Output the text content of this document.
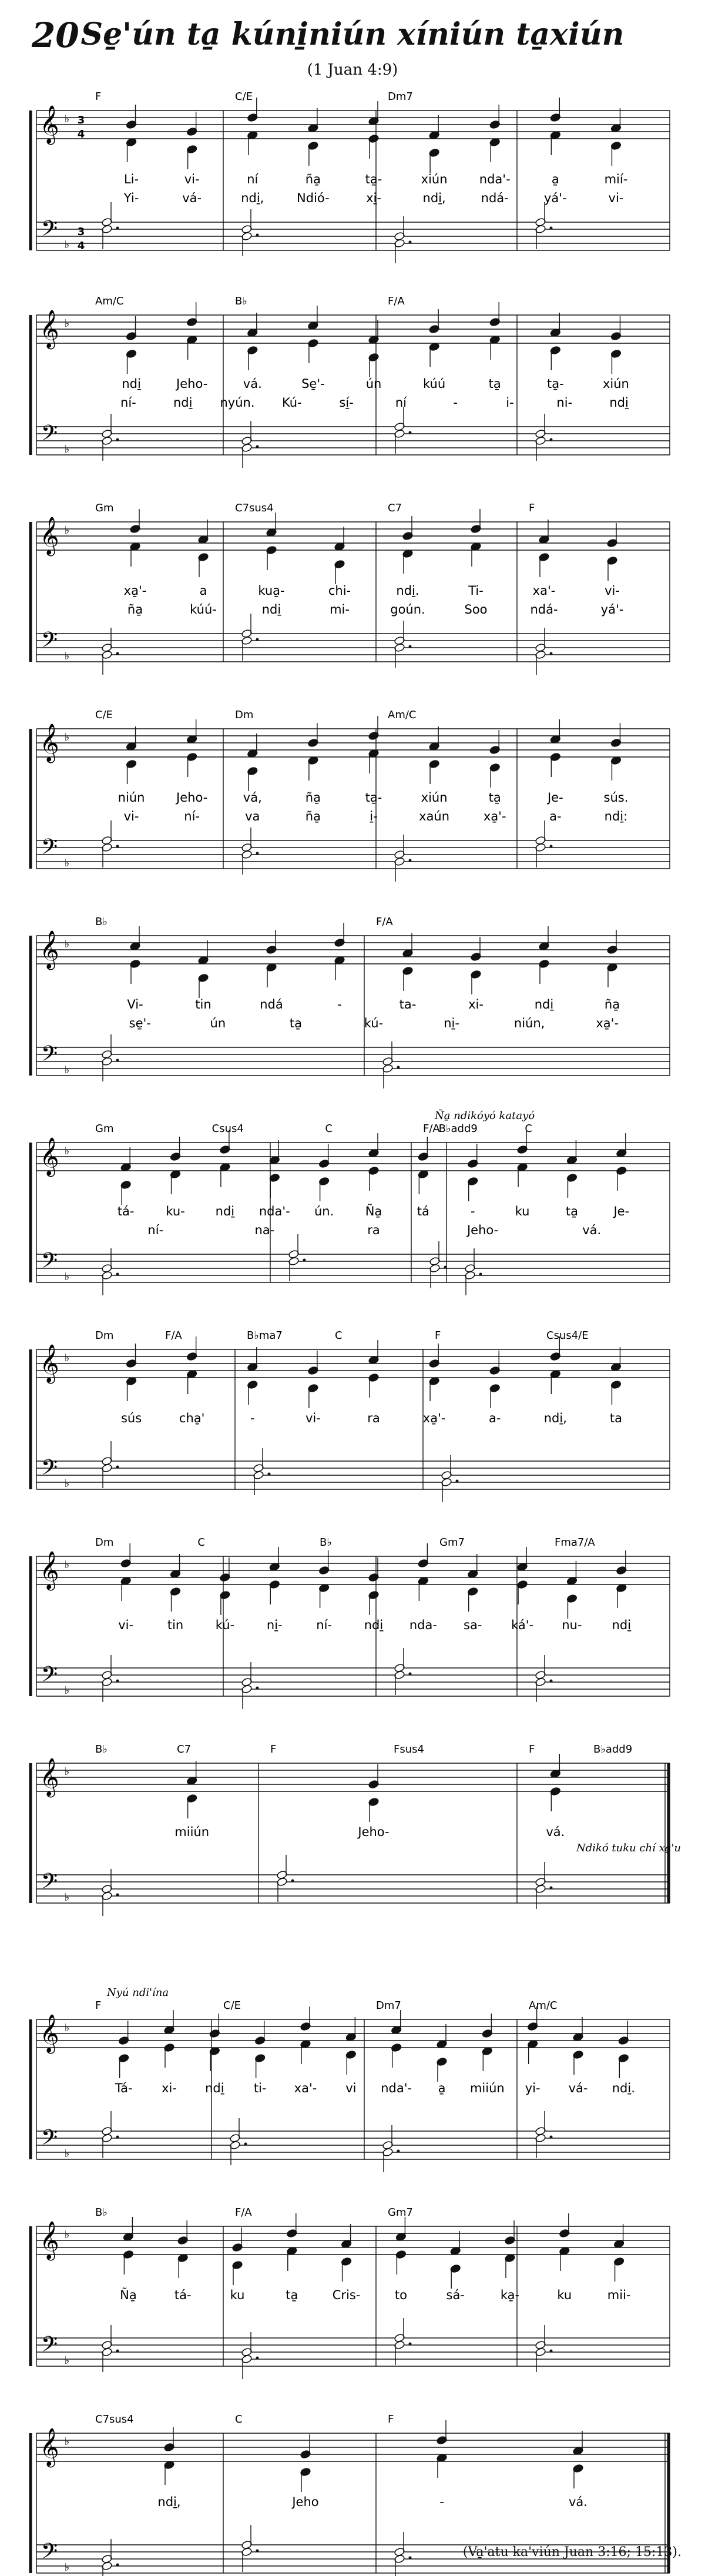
20 Se̱'ún ta̱ kúni̱niún xíniún ta̱xiún
(1 Juan 4:9)
𝄞
𝄢
♭
♭
3
4
3
4
F	C/E	Dm7
Li-	vi-	ní	ña̱	ta̱-	xiún	nda'-	a̱	mií-
Yi-	vá-	ndi̱,	Ndió-	xi̱-	ndi̱,	ndá-	yá'-	vi-
𝄞
𝄢
♭
♭
Am/C	B♭	F/A
ndi̱	Jeho-	vá.	Se̱'-	ún	kúú	ta̱	ta̱-	xiún
ní-	ndi̱ nyún. Kú-	sí̱-	ní	-	i-	ni-	ndi̱
𝄞
𝄢
♭
♭
Gm	C7sus4	C7	F
xa̱'-	a	kua̱-	chi-	ndi̱.	Ti-	xa'-	vi-
ña̱	kúú-	ndi̱	mi-	goún.	Soo	ndá-	yá'-
𝄞
𝄢
♭
♭
C/E	Dm	Am/C
niún	Jeho-	vá,	ña̱	ta̱-	xiún	ta̱	Je-	sús.
vi-	ní-	va	ña̱	i̱-	xaún	xa̱'-	a-	ndi̱:
𝄞
𝄢
♭
♭
B♭	F/A
Vi-	tin	ndá	-	ta-	xi-	ndi̱	ña̱
se̱'-	ún	ta̱	kú-	ni̱-	niún,	xa̱'-
𝄞
𝄢
♭
♭
Gm	Csus4	C	F/A
B♭add9	C
Ña̱ ndikóyó katayó
tá-	ku- ndi̱ nda'- ún.	Ña̱	tá	-	ku	ta̱	Je-
ní-	na-	ra	Jeho-	vá.
𝄞
𝄢
♭
♭
Dm	F/A	B♭ma7	C	F	Csus4/E
sús	cha̱'	-	vi-	ra	xa̱'-	a-	ndi̱,	ta
𝄞
𝄢
♭
♭
Dm	C	B♭	Gm7	Fma7/A
vi-	tin	kú-	ni̱-	ní-	ndi̱ nda- sa- ká'- nu- ndi̱
𝄞
𝄢
♭
♭
B♭	C7	F	Fsus4	F	B♭add9
Ndikó tuku chí xa̱'u
miiún	Jeho-	vá.
𝄞
𝄢
♭
♭
F	C/E	Dm7	Am/C
Nyú ndi'ína
Tá- xi- ndi̱ ti- xa'- vi nda'- a̱ miiún yi- vá- ndi̱.
𝄞
𝄢
♭
♭
B♭	F/A	Gm7
Ña̱	tá-	ku	ta̱	Cris-	to	sá-	ka̱-	ku	mii-
𝄞
𝄢
♭
♭
C7sus4	C	F
ndi̱,	Jeho	-	vá.
(Va̱'atu ka'viún Juan 3:16; 15:13).
